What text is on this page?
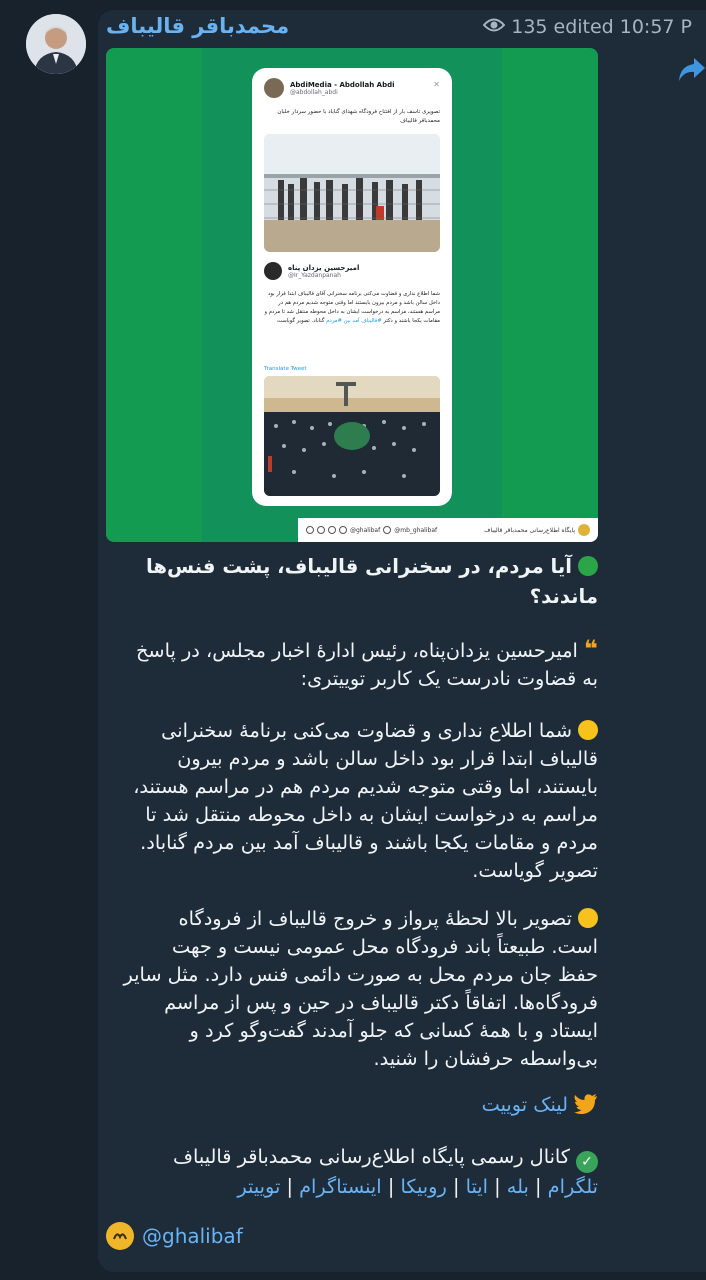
محمدباقر قالیباف	135 edited 10:57 P
AbdiMedia - Abdollah Abdi
@abdollah_abdi
✕
تصویری تاسف بار از افتتاح فرودگاه شهدای گناباد با حضور سردار خلبان محمدباقر قالیباف
امیرحسین یزدان پناه
@Ir_Yazdanpanah
شما اطلاع ندارى و قضاوت مى‌كنى برنامه سخنرانى آقای قاليباف ابتدا قرار بود داخل سالن باشد و مردم بیرون بایستند اما وقتی متوجه شدیم مردم هم در مراسم هستند، مراسم به درخواست ایشان به داخل محوطه منتقل شد تا مردم و مقامات یکجا باشند و دکتر #قالیباف آمد بین #مردم گناباد. تصویر گویاست
Translate Tweet
@ghalibaf @mb_ghalibaf	پایگاه اطلاع‌رسانی محمدباقر قالیباف
آیا مردم، در سخنرانی قالیباف، پشت فنس‌ها
ماندند؟
❝امیرحسین یزدان‌پناه، رئیس ادارهٔ اخبار مجلس، در پاسخ
به قضاوت نادرست یک کاربر توییتری:
شما اطلاع نداری و قضاوت می‌کنی برنامهٔ سخنرانی
قالیباف ابتدا قرار بود داخل سالن باشد و مردم بیرون
بایستند، اما وقتی متوجه شدیم مردم هم در مراسم هستند،
مراسم به درخواست ایشان به داخل محوطه منتقل شد تا
مردم و مقامات یکجا باشند و قالیباف آمد بین مردم گناباد.
تصویر گویاست.
تصویر بالا لحظهٔ پرواز و خروج قالیباف از فرودگاه
است. طبیعتاً باند فرودگاه محل عمومی نیست و جهت
حفظ جان مردم محل به صورت دائمی فنس دارد. مثل سایر
فرودگاه‌ها. اتفاقاً دکتر قالیباف در حین و پس از مراسم
ایستاد و با همهٔ کسانی که جلو آمدند گفت‌وگو کرد و
بی‌واسطه حرفشان را شنید.
لینک توییت
✓کانال رسمی پایگاه اطلاع‌رسانی محمدباقر قالیباف
تلگرام | بله | ایتا | روبیکا | اینستاگرام | توییتر
@ghalibaf
